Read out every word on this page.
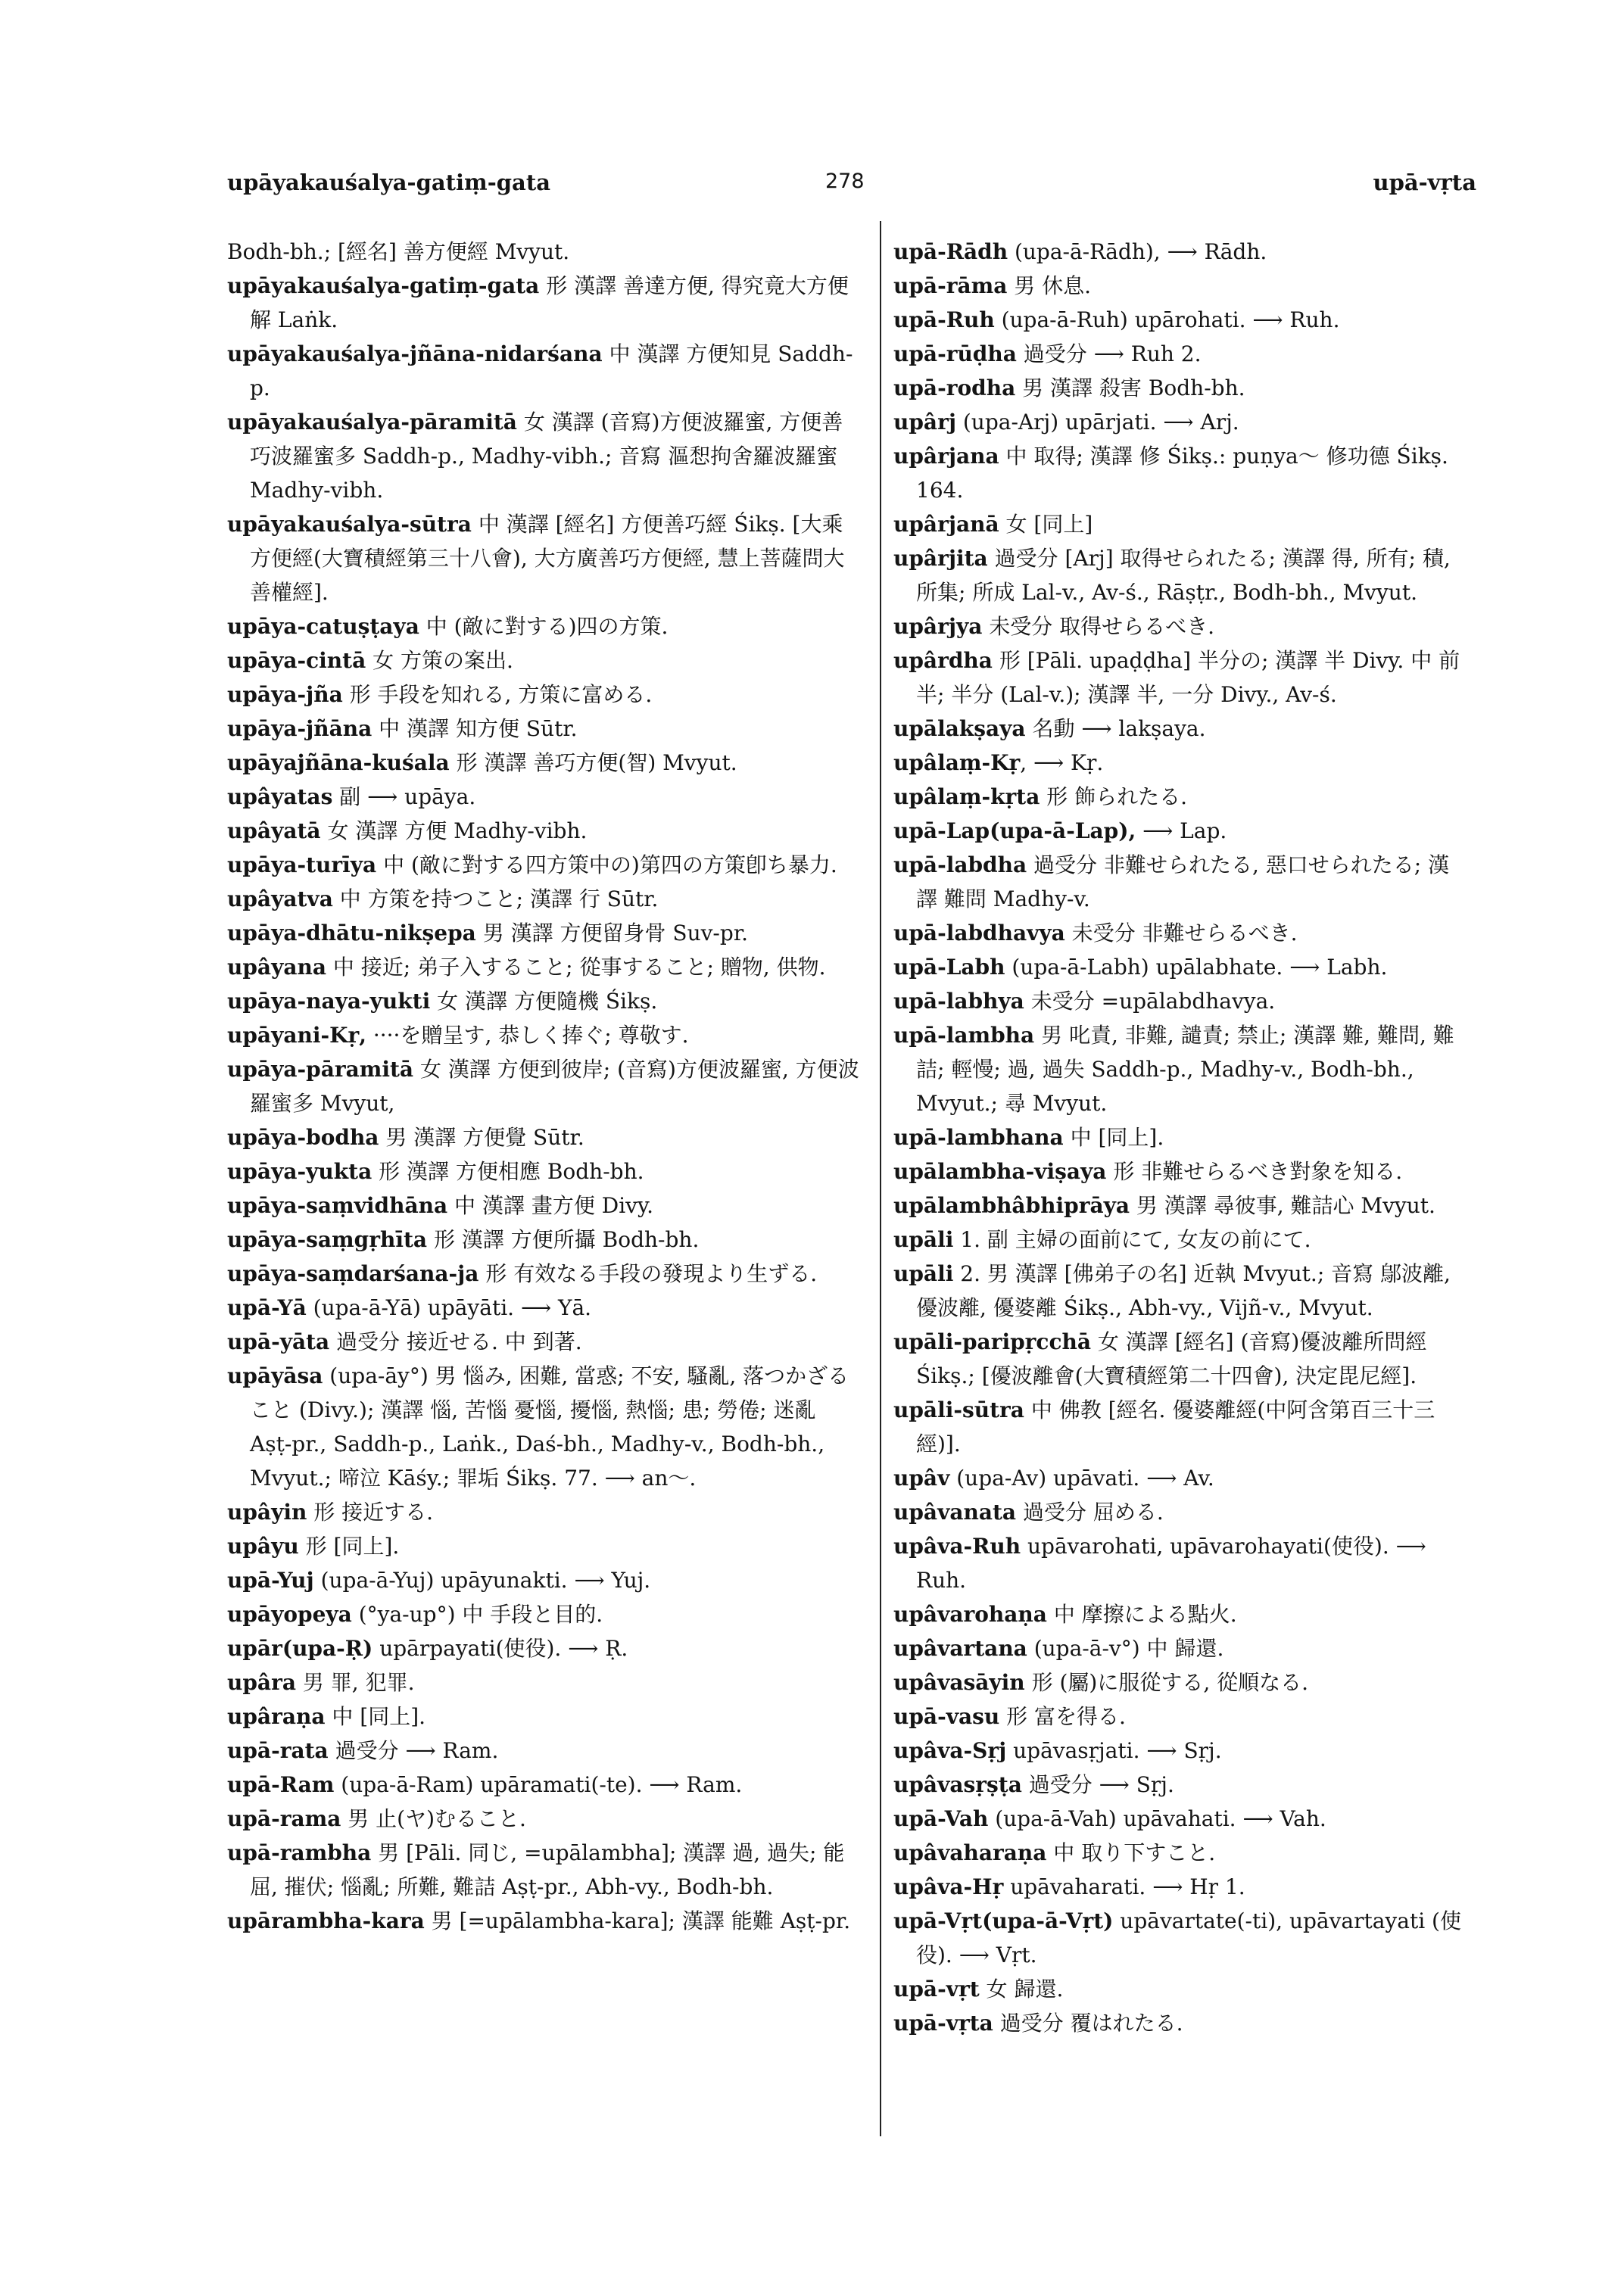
upāyakauśalya-gatiṃ-gata	278	upā-vṛta

Bodh-bh.; [經名] 善方便經 Mvyut.

upāyakauśalya-gatiṃ-gata 形 漢譯 善達方便, 得究竟大方便解 Laṅk.

upāyakauśalya-jñāna-nidarśana 中 漢譯 方便知見 Saddh-p.

upāyakauśalya-pāramitā 女 漢譯 (音寫)方便波羅蜜, 方便善巧波羅蜜多 Saddh-p., Madhy-vibh.; 音寫 漚惒拘舍羅波羅蜜 Madhy-vibh.

upāyakauśalya-sūtra 中 漢譯 [經名] 方便善巧經 Śikṣ. [大乘方便經(大寶積經第三十八會), 大方廣善巧方便經, 慧上菩薩問大善權經].

upāya-catuṣṭaya 中 (敵に對する)四の方策.

upāya-cintā 女 方策の案出.

upāya-jña 形 手段を知れる, 方策に富める.

upāya-jñāna 中 漢譯 知方便 Sūtr.

upāyajñāna-kuśala 形 漢譯 善巧方便(智) Mvyut.

upâyatas 副 ⟶ upāya.

upâyatā 女 漢譯 方便 Madhy-vibh.

upāya-turīya 中 (敵に對する四方策中の)第四の方策卽ち暴力.

upâyatva 中 方策を持つこと; 漢譯 行 Sūtr.

upāya-dhātu-nikṣepa 男 漢譯 方便留身骨 Suv-pr.

upâyana 中 接近; 弟子入すること; 從事すること; 贈物, 供物.

upāya-naya-yukti 女 漢譯 方便隨機 Śikṣ.

upāyani-Kṛ, ····を贈呈す, 恭しく捧ぐ; 尊敬す.

upāya-pāramitā 女 漢譯 方便到彼岸; (音寫)方便波羅蜜, 方便波羅蜜多 Mvyut,

upāya-bodha 男 漢譯 方便覺 Sūtr.

upāya-yukta 形 漢譯 方便相應 Bodh-bh.

upāya-saṃvidhāna 中 漢譯 畫方便 Divy.

upāya-saṃgṛhīta 形 漢譯 方便所攝 Bodh-bh.

upāya-saṃdarśana-ja 形 有效なる手段の發現より生ずる.

upā-Yā (upa-ā-Yā) upāyāti. ⟶ Yā.

upā-yāta 過受分 接近せる. 中 到著.

upāyāsa (upa-āy°) 男 惱み, 困難, 當惑; 不安, 騷亂, 落つかざること (Divy.); 漢譯 惱, 苦惱 憂惱, 擾惱, 熱惱; 患; 勞倦; 迷亂 Aṣṭ-pr., Saddh-p., Laṅk., Daś-bh., Madhy-v., Bodh-bh., Mvyut.; 啼泣 Kāśy.; 罪垢 Śikṣ. 77. ⟶ an〜.

upâyin 形 接近する.

upâyu 形 [同上].

upā-Yuj (upa-ā-Yuj) upāyunakti. ⟶ Yuj.

upāyopeya (°ya-up°) 中 手段と目的.

upār(upa-Ṛ) upārpayati(使役). ⟶ Ṛ.

upâra 男 罪, 犯罪.

upâraṇa 中 [同上].

upā-rata 過受分 ⟶ Ram.

upā-Ram (upa-ā-Ram) upāramati(-te). ⟶ Ram.

upā-rama 男 止(ヤ)むること.

upā-rambha 男 [Pāli. 同じ, =upālambha]; 漢譯 過, 過失; 能屈, 摧伏; 惱亂; 所難, 難詰 Aṣṭ-pr., Abh-vy., Bodh-bh.

upārambha-kara 男 [=upālambha-kara]; 漢譯 能難 Aṣṭ-pr.

upā-Rādh (upa-ā-Rādh), ⟶ Rādh.

upā-rāma 男 休息.

upā-Ruh (upa-ā-Ruh) upārohati. ⟶ Ruh.

upā-rūḍha 過受分 ⟶ Ruh 2.

upā-rodha 男 漢譯 殺害 Bodh-bh.

upârj (upa-Arj) upārjati. ⟶ Arj.

upârjana 中 取得; 漢譯 修 Śikṣ.: puṇya〜 修功德 Śikṣ. 164.

upârjanā 女 [同上]

upârjita 過受分 [Arj] 取得せられたる; 漢譯 得, 所有; 積, 所集; 所成 Lal-v., Av-ś., Rāṣṭr., Bodh-bh., Mvyut.

upârjya 未受分 取得せらるべき.

upârdha 形 [Pāli. upaḍḍha] 半分の; 漢譯 半 Divy. 中 前半; 半分 (Lal-v.); 漢譯 半, 一分 Divy., Av-ś.

upālakṣaya 名動 ⟶ lakṣaya.

upâlaṃ-Kṛ, ⟶ Kṛ.

upâlaṃ-kṛta 形 飾られたる.

upā-Lap(upa-ā-Lap), ⟶ Lap.

upā-labdha 過受分 非難せられたる, 惡口せられたる; 漢譯 難問 Madhy-v.

upā-labdhavya 未受分 非難せらるべき.

upā-Labh (upa-ā-Labh) upālabhate. ⟶ Labh.

upā-labhya 未受分 =upālabdhavya.

upā-lambha 男 叱責, 非難, 譴責; 禁止; 漢譯 難, 難問, 難詰; 輕慢; 過, 過失 Saddh-p., Madhy-v., Bodh-bh., Mvyut.; 尋 Mvyut.

upā-lambhana 中 [同上].

upālambha-viṣaya 形 非難せらるべき對象を知る.

upālambhâbhiprāya 男 漢譯 尋彼事, 難詰心 Mvyut.

upāli 1. 副 主婦の面前にて, 女友の前にて.

upāli 2. 男 漢譯 [佛弟子の名] 近執 Mvyut.; 音寫 鄔波離, 優波離, 優婆離 Śikṣ., Abh-vy., Vijñ-v., Mvyut.

upāli-paripṛcchā 女 漢譯 [經名] (音寫)優波離所問經 Śikṣ.; [優波離會(大寶積經第二十四會), 決定毘尼經].

upāli-sūtra 中 佛教 [經名. 優婆離經(中阿含第百三十三經)].

upâv (upa-Av) upāvati. ⟶ Av.

upâvanata 過受分 屈める.

upâva-Ruh upāvarohati, upāvarohayati(使役). ⟶ Ruh.

upâvarohaṇa 中 摩擦による點火.

upâvartana (upa-ā-v°) 中 歸還.

upâvasāyin 形 (屬)に服從する, 從順なる.

upā-vasu 形 富を得る.

upâva-Sṛj upāvasṛjati. ⟶ Sṛj.

upâvasṛṣṭa 過受分 ⟶ Sṛj.

upā-Vah (upa-ā-Vah) upāvahati. ⟶ Vah.

upâvaharaṇa 中 取り下すこと.

upâva-Hṛ upāvaharati. ⟶ Hṛ 1.

upā-Vṛt(upa-ā-Vṛt) upāvartate(-ti), upāvartayati (使役). ⟶ Vṛt.

upā-vṛt 女 歸還.

upā-vṛta 過受分 覆はれたる.
